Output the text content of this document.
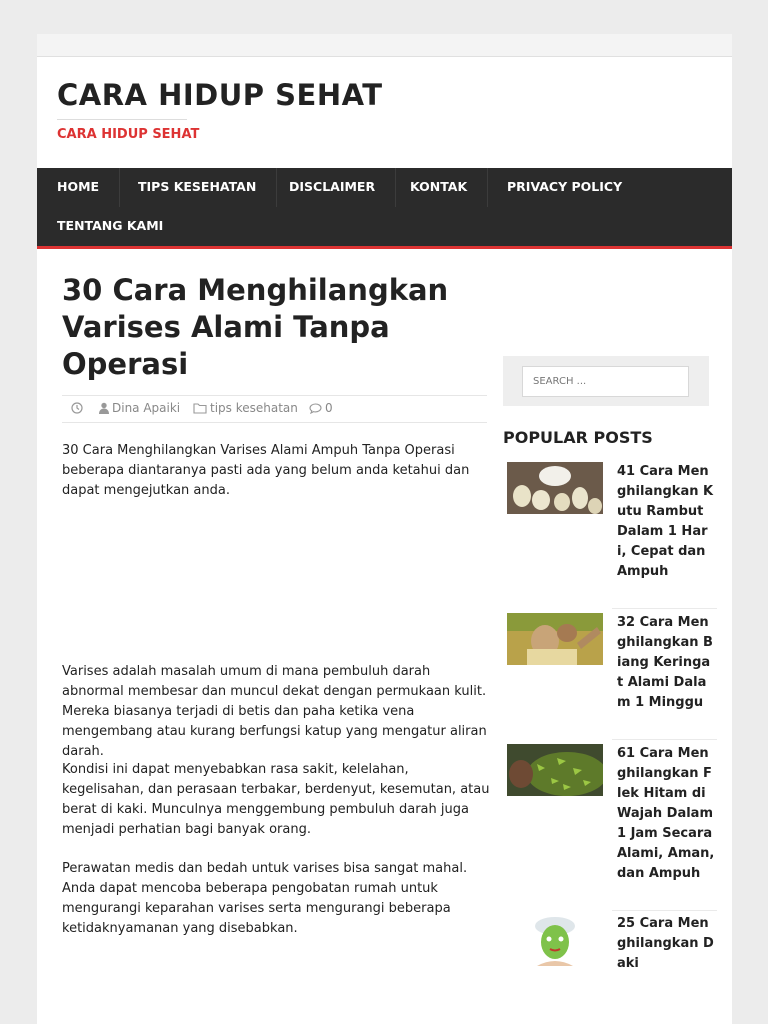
CARA HIDUP SEHAT
CARA HIDUP SEHAT
HOME	TIPS KESEHATAN	DISCLAIMER	KONTAK	PRIVACY POLICY
TENTANG KAMI
30 Cara Menghilangkan Varises Alami Tanpa Operasi
Dina Apaiki	tips kesehatan	0
30 Cara Menghilangkan Varises Alami Ampuh Tanpa Operasi beberapa diantaranya pasti ada yang belum anda ketahui dan dapat mengejutkan anda.
Varises adalah masalah umum di mana pembuluh darah abnormal membesar dan muncul dekat dengan permukaan kulit. Mereka biasanya terjadi di betis dan paha ketika vena mengembang atau kurang berfungsi katup yang mengatur aliran darah.
Kondisi ini dapat menyebabkan rasa sakit, kelelahan, kegelisahan, dan perasaan terbakar, berdenyut, kesemutan, atau berat di kaki. Munculnya menggembung pembuluh darah juga menjadi perhatian bagi banyak orang.
Perawatan medis dan bedah untuk varises bisa sangat mahal. Anda dapat mencoba beberapa pengobatan rumah untuk mengurangi keparahan varises serta mengurangi beberapa ketidaknyamanan yang disebabkan.
SEARCH ...
POPULAR POSTS
41 Cara Menghilangkan Kutu Rambut Dalam 1 Hari, Cepat dan Ampuh
32 Cara Menghilangkan Biang Keringat Alami Dalam 1 Minggu
61 Cara Menghilangkan Flek Hitam di Wajah Dalam 1 Jam Secara Alami, Aman, dan Ampuh
25 Cara Menghilangkan Daki
